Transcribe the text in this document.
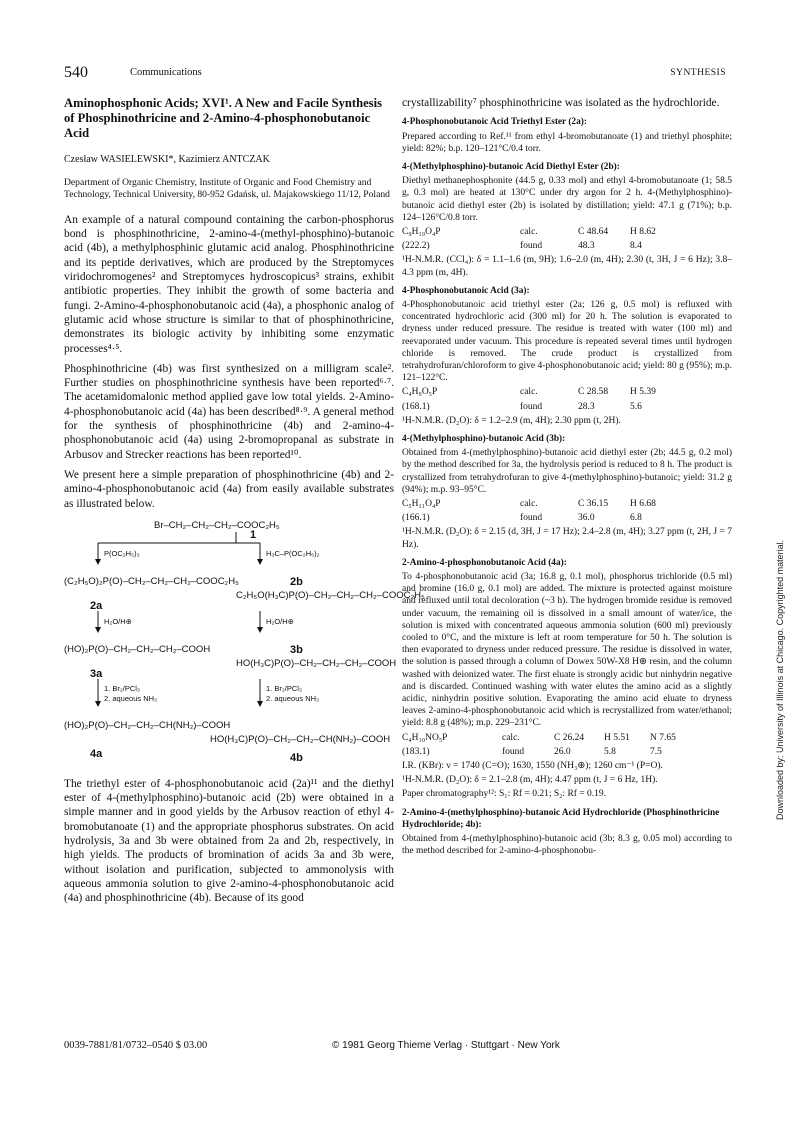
540	Communications	SYNTHESIS
Aminophosphonic Acids; XVI¹. A New and Facile Synthesis of Phosphinothricine and 2-Amino-4-phosphonobutanoic Acid
Czesław WASIELEWSKI*, Kazimierz ANTCZAK
Department of Organic Chemistry, Institute of Organic and Food Chemistry and Technology, Technical University, 80-952 Gdańsk, ul. Majakowskiego 11/12, Poland

An example of a natural compound containing the carbon-phosphorus bond is phosphinothricine, 2-amino-4-(methyl-phosphino)-butanoic acid (4b), a methylphosphinic glutamic acid analog. Phosphinothricine and its peptide derivatives, which are produced by the Streptomyces viridochromogenes² and Streptomyces hydroscopicus³ strains, exhibit antibiotic properties. They inhibit the growth of some bacteria and fungi. 2-Amino-4-phosphonobutanoic acid (4a), a phosphonic analog of glutamic acid whose structure is similar to that of phosphinothricine, demonstrates its biologic activity by inhibiting some enzymatic processes⁴·⁵.

Phosphinothricine (4b) was first synthesized on a milligram scale². Further studies on phosphinothricine synthesis have been reported⁶·⁷. The acetamidomalonic method applied gave low total yields. 2-Amino-4-phosphonobutanoic acid (4a) has been described⁸·⁹. A general method for the synthesis of phosphinothricine (4b) and 2-amino-4-phosphonobutanoic acid (4a) using 2-bromopropanal as substrate in Arbusov and Strecker reactions has been reported¹⁰.

We present here a simple preparation of phosphinothricine (4b) and 2-amino-4-phosphonobutanoic acid (4a) from easily available substrates as illustrated below.

Br–CH₂–CH₂–CH₂–COOC₂H₅
1
P(OC₂H₅)₃	H₃C–P(OC₂H₅)₂
(C₂H₅O)₂P(O)–CH₂–CH₂–CH₂–COOC₂H₅
C₂H₅O(H₃C)P(O)–CH₂–CH₂–CH₂–COOC₂H₅
2a
2b
H₂O/H⊕	H₂O/H⊕
(HO)₂P(O)–CH₂–CH₂–CH₂–COOH
HO(H₃C)P(O)–CH₂–CH₂–CH₂–COOH
3a
3b
1. Br₂/PCl₃
2. aqueous NH₃
1. Br₂/PCl₃
2. aqueous NH₃
(HO)₂P(O)–CH₂–CH₂–CH(NH₂)–COOH
HO(H₃C)P(O)–CH₂–CH₂–CH(NH₂)–COOH
4a	4b

The triethyl ester of 4-phosphonobutanoic acid (2a)¹¹ and the diethyl ester of 4-(methylphosphino)-butanoic acid (2b) were obtained in a simple manner and in good yields by the Arbusov reaction of ethyl 4-bromobutanoate (1) and the appropriate phosphorus substrates. On acid hydrolysis, 3a and 3b were obtained from 2a and 2b, respectively, in high yields. The products of bromination of acids 3a and 3b were, without isolation and purification, subjected to ammonolysis with aqueous ammonia solution to give 2-amino-4-phosphonobutanoic acid (4a) and phosphinothricine (4b). Because of its good

crystallizability⁷ phosphinothricine was isolated as the hydrochloride.

4-Phosphonobutanoic Acid Triethyl Ester (2a):

Prepared according to Ref.¹¹ from ethyl 4-bromobutanoate (1) and triethyl phosphite; yield: 82%; b.p. 120–121°C/0.4 torr.

4-(Methylphosphino)-butanoic Acid Diethyl Ester (2b):

Diethyl methanephosphonite (44.5 g, 0.33 mol) and ethyl 4-bromobutanoate (1; 58.5 g, 0.3 mol) are heated at 130°C under dry argon for 2 h. 4-(Methylphosphino)-butanoic acid diethyl ester (2b) is isolated by distillation; yield: 47.1 g (71%); b.p. 124–126°C/0.8 torr.

C₉H₁₉O₄P	calc.	C 48.64	H 8.62
(222.2)	found	48.3	8.4

¹H-N.M.R. (CCl₄): δ = 1.1–1.6 (m, 9H); 1.6–2.0 (m, 4H); 2.30 (t, 3H, J = 6 Hz); 3.8–4.3 ppm (m, 4H).

4-Phosphonobutanoic Acid (3a):

4-Phosphonobutanoic acid triethyl ester (2a; 126 g, 0.5 mol) is refluxed with concentrated hydrochloric acid (300 ml) for 20 h. The solution is evaporated to dryness under reduced pressure. The residue is treated with water (100 ml) and reevaporated under vacuum. This procedure is repeated several times until hydrogen chloride is removed. The crude product is crystallized from tetrahydrofuran/chloroform to give 4-phosphonobutanoic acid; yield: 80 g (95%); m.p. 121–122°C.

C₄H₉O₅P	calc.	C 28.58	H 5.39
(168.1)	found	28.3	5.6

¹H-N.M.R. (D₂O): δ = 1.2–2.9 (m, 4H); 2.30 ppm (t, 2H).

4-(Methylphosphino)-butanoic Acid (3b):

Obtained from 4-(methylphosphino)-butanoic acid diethyl ester (2b; 44.5 g, 0.2 mol) by the method described for 3a, the hydrolysis period is reduced to 8 h. The product is crystallized from tetrahydrofuran to give 4-(methylphosphino)-butanoic; yield: 31.2 g (94%); m.p. 93–95°C.

C₅H₁₁O₄P	calc.	C 36.15	H 6.68
(166.1)	found	36.0	6.8

¹H-N.M.R. (D₂O): δ = 2.15 (d, 3H, J = 17 Hz); 2.4–2.8 (m, 4H); 3.27 ppm (t, 2H, J = 7 Hz).

2-Amino-4-phosphonobutanoic Acid (4a):

To 4-phosphonobutanoic acid (3a; 16.8 g, 0.1 mol), phosphorus trichloride (0.5 ml) and bromine (16.0 g, 0.1 mol) are added. The mixture is protected against moisture and refluxed until total decoloration (~3 h). The hydrogen bromide residue is removed under vacuum, the remaining oil is dissolved in a small amount of water/ice, the solution is mixed with concentrated aqueous ammonia solution (600 ml) previously cooled to 0°C, and the mixture is left at room temperature for 50 h. The solution is then evaporated to dryness under reduced pressure. The residue is dissolved in water, the solution is passed through a column of Dowex 50W-X8 H⊕ resin, and the column washed with deionized water. The first eluate is strongly acidic but ninhydrin negative and is discarded. Continued washing with water elutes the amino acid as a slightly acidic, ninhydrin positive solution. Evaporating the amino acid eluate to dryness leaves 2-amino-4-phosphonobutanoic acid which is recrystallized from water/ethanol; yield: 8.8 g (48%); m.p. 229–231°C.

C₄H₁₀NO₅P	calc.	C 26.24	H 5.51	N 7.65
(183.1)	found	26.0	5.8	7.5

I.R. (KBr): ν = 1740 (C=O); 1630, 1550 (NH₃⊕); 1260 cm⁻¹ (P=O).

¹H-N.M.R. (D₂O): δ = 2.1–2.8 (m, 4H); 4.47 ppm (t, J = 6 Hz, 1H).

Paper chromatography¹²: S₁: Rf = 0.21; S₂: Rf = 0.19.

2-Amino-4-(methylphosphino)-butanoic Acid Hydrochloride (Phosphinothricine Hydrochloride; 4b):

Obtained from 4-(methylphosphino)-butanoic acid (3b; 8.3 g, 0.05 mol) according to the method described for 2-amino-4-phosphonobu-

0039-7881/81/0732–0540 $ 03.00	© 1981 Georg Thieme Verlag · Stuttgart · New York
Downloaded by: University of Illinois at Chicago. Copyrighted material.
